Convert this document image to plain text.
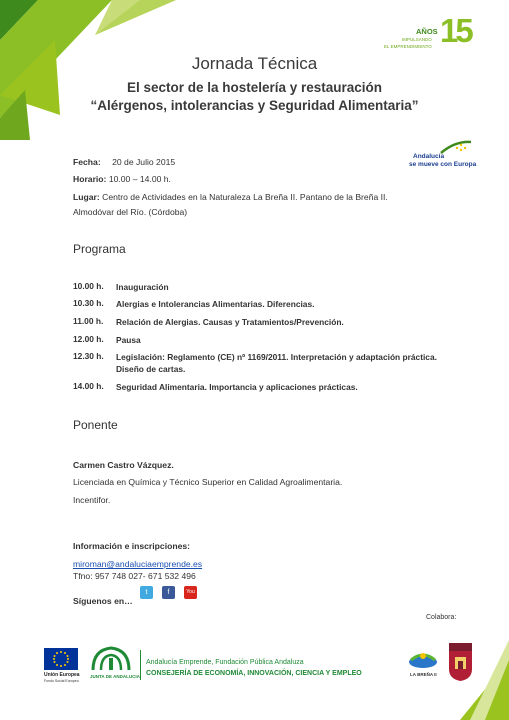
AÑOS
IMPULSANDO
EL EMPRENDIMIENTO 15
Jornada Técnica
El sector de la hostelería y restauración
“Alérgenos, intolerancias y Seguridad Alimentaria”
Andalucía
se mueve con Europa
Fecha: 20 de Julio 2015
Horario: 10.00 – 14.00 h.
Lugar: Centro de Actividades en la Naturaleza La Breña II. Pantano de la Breña II.
Almodóvar del Río. (Córdoba)
Programa
10.00 h. Inauguración
10.30 h. Alergias e Intolerancias Alimentarias. Diferencias.
11.00 h. Relación de Alergias. Causas y Tratamientos/Prevención.
12.00 h. Pausa
12.30 h. Legislación: Reglamento (CE) nº 1169/2011. Interpretación y adaptación práctica. Diseño de cartas.
14.00 h. Seguridad Alimentaria. Importancia y aplicaciones prácticas.
Ponente
Carmen Castro Vázquez.
Licenciada en Química y Técnico Superior en Calidad Agroalimentaria.
Incentifor.
Información e inscripciones:
miroman@andaluciaemprende.es
Tfno: 957 748 027- 671 532 496
Síguenos en…
t	f	You
Colabora:
Unión Europea
Fondo Social Europeo
JUNTA DE ANDALUCIA
Andalucía Emprende, Fundación Pública Andaluza
CONSEJERÍA DE ECONOMÍA, INNOVACIÓN, CIENCIA Y EMPLEO	LA BREÑA II
